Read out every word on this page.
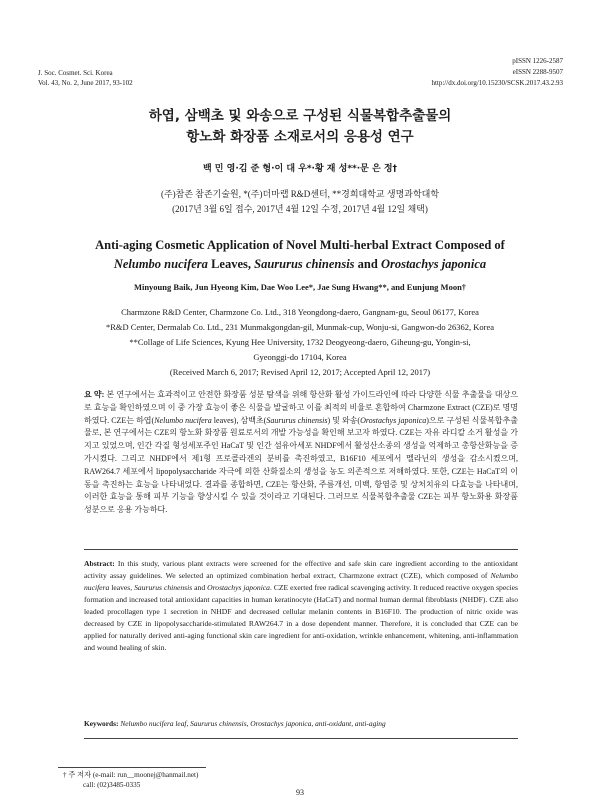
J. Soc. Cosmet. Sci. Korea
Vol. 43, No. 2, June 2017, 93-102
pISSN 1226-2587
eISSN 2288-9507
http://dx.doi.org/10.15230/SCSK.2017.43.2.93
하엽, 삼백초 및 와송으로 구성된 식물복합추출물의
항노화 화장품 소재로서의 응용성 연구
백 민 영·김 준 형·이 대 우*·황 재 성**·문 은 정†
(주)참존 참존기술원, *(주)더마랩 R&D센터, **경희대학교 생명과학대학
(2017년 3월 6일 접수, 2017년 4월 12일 수정, 2017년 4월 12일 채택)
Anti-aging Cosmetic Application of Novel Multi-herbal Extract Composed of
Nelumbo nucifera Leaves, Saururus chinensis and Orostachys japonica
Minyoung Baik, Jun Hyeong Kim, Dae Woo Lee*, Jae Sung Hwang**, and Eunjung Moon†
Charmzone R&D Center, Charmzone Co. Ltd., 318 Yeongdong-daero, Gangnam-gu, Seoul 06177, Korea
*R&D Center, Dermalab Co. Ltd., 231 Munmakgongdan-gil, Munmak-cup, Wonju-si, Gangwon-do 26362, Korea
**Collage of Life Sciences, Kyung Hee University, 1732 Deogyeong-daero, Giheung-gu, Yongin-si,
Gyeonggi-do 17104, Korea
(Received March 6, 2017; Revised April 12, 2017; Accepted April 12, 2017)
요 약: 본 연구에서는 효과적이고 안전한 화장품 성분 탐색을 위해 항산화 활성 가이드라인에 따라 다양한 식물 추출물을 대상으로 효능을 확인하였으며 이 중 가장 효능이 좋은 식물을 발굴하고 이를 최적의 비율로 혼합하여 Charmzone Extract (CZE)로 명명하였다. CZE는 하엽(Nelumbo nucifera leaves), 삼백초(Saururus chinensis) 및 와송(Orostachys japonica)으로 구성된 식물복합추출물로, 본 연구에서는 CZE의 항노화 화장품 원료로서의 개발 가능성을 확인해 보고자 하였다. CZE는 자유 라디칼 소거 활성을 가지고 있었으며, 인간 각질 형성세포주인 HaCaT 및 인간 섬유아세포 NHDF에서 활성산소종의 생성을 억제하고 총항산화능을 증가시켰다. 그리고 NHDF에서 제1형 프로콜라겐의 분비를 촉진하였고, B16F10 세포에서 멜라닌의 생성을 감소시켰으며, RAW264.7 세포에서 lipopolysaccharide 자극에 의한 산화질소의 생성을 농도 의존적으로 저해하였다. 또한, CZE는 HaCaT의 이동을 촉진하는 효능을 나타내었다. 결과를 종합하면, CZE는 항산화, 주름개선, 미백, 항염증 및 상처치유의 다효능을 나타내며, 이러한 효능을 통해 피부 기능을 향상시킬 수 있을 것이라고 기대된다. 그러므로 식물복합추출물 CZE는 피부 항노화용 화장품 성분으로 응용 가능하다.
Abstract: In this study, various plant extracts were screened for the effective and safe skin care ingredient according to the antioxidant activity assay guidelines. We selected an optimized combination herbal extract, Charmzone extract (CZE), which composed of Nelumbo nucifera leaves, Saururus chinensis and Orostachys japonica. CZE exerted free radical scavenging activity. It reduced reactive oxygen species formation and increased total antioxidant capacities in human keratinocyte (HaCaT) and normal human dermal fibroblasts (NHDF). CZE also leaded procollagen type 1 secretion in NHDF and decreased cellular melanin contents in B16F10. The production of nitric oxide was decreased by CZE in lipopolysaccharide-stimulated RAW264.7 in a dose dependent manner. Therefore, it is concluded that CZE can be applied for naturally derived anti-aging functional skin care ingredient for anti-oxidation, wrinkle enhancement, whitening, anti-inflammation and wound healing of skin.
Keywords: Nelumbo nucifera leaf, Saururus chinensis, Orostachys japonica, anti-oxidant, anti-aging
† 주 저자 (e-mail: run__moonej@hanmail.net)
call: (02)3485-0335
93
